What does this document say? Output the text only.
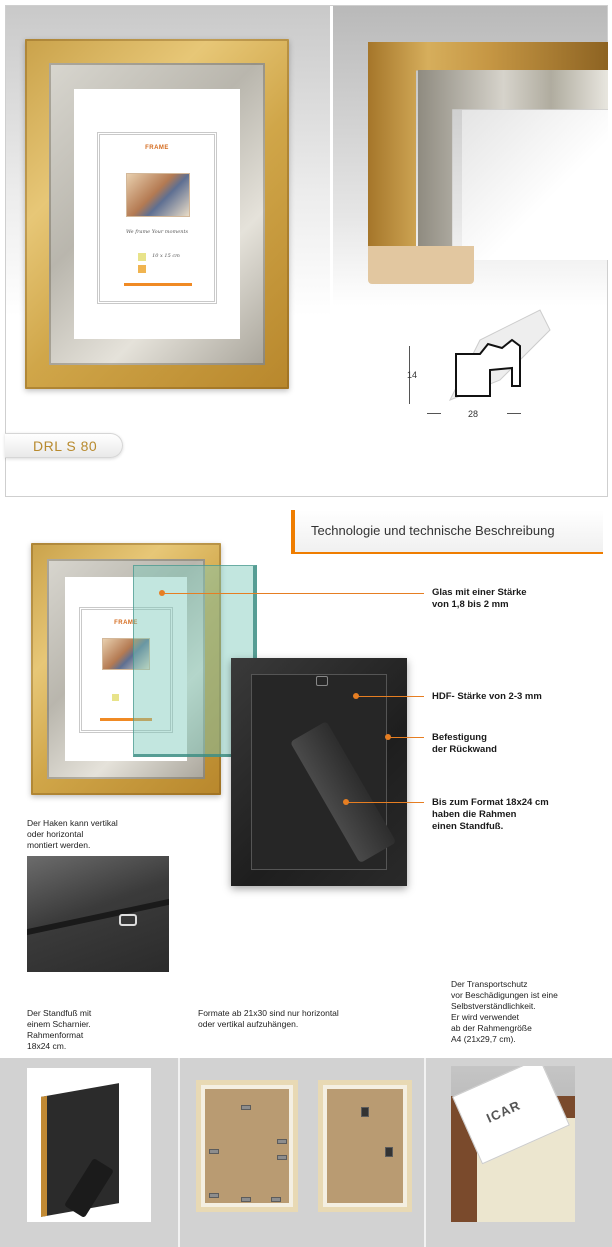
FRAME
We frame Your moments
10 x 15 cm
14
28
DRL S 80
Technologie und technische Beschreibung
FRAME
Glas mit einer Stärke
von 1,8 bis 2 mm
HDF- Stärke von 2-3 mm
Befestigung
der Rückwand
Bis zum Format 18x24 cm
haben die Rahmen
einen Standfuß.
Der Haken kann vertikal
oder horizontal
montiert werden.
Der Standfuß mit
einem Scharnier.
Rahmenformat
18x24 cm.
Formate ab 21x30 sind nur horizontal
oder vertikal aufzuhängen.
Der Transportschutz
vor Beschädigungen ist eine
Selbstverständlichkeit.
Er wird verwendet
ab der Rahmengröße
A4 (21x29,7 cm).
ICAR
